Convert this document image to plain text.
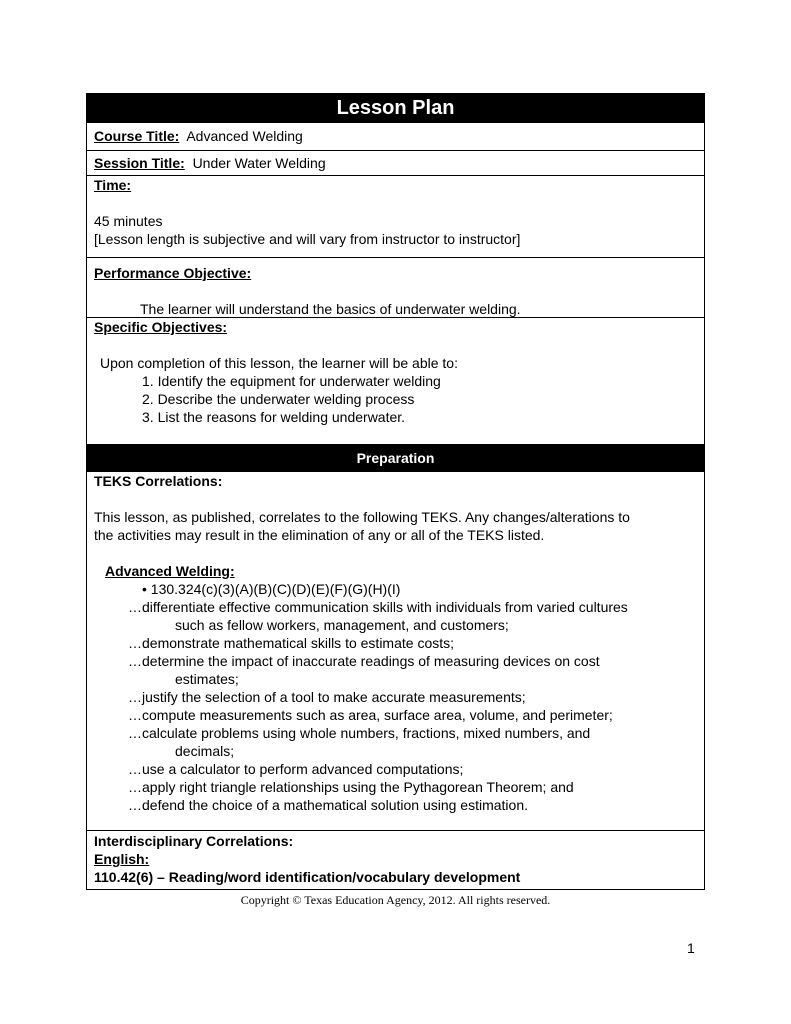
Lesson Plan
Course Title: Advanced Welding
Session Title: Under Water Welding

Time:

45 minutes

[Lesson length is subjective and will vary from instructor to instructor]

Performance Objective:

The learner will understand the basics of underwater welding.

Specific Objectives:

Upon completion of this lesson, the learner will be able to:

1. Identify the equipment for underwater welding

2. Describe the underwater welding process

3. List the reasons for welding underwater.

Preparation

TEKS Correlations:

This lesson, as published, correlates to the following TEKS. Any changes/alterations to

the activities may result in the elimination of any or all of the TEKS listed.

Advanced Welding:

• 130.324(c)(3)(A)(B)(C)(D)(E)(F)(G)(H)(I)

…differentiate effective communication skills with individuals from varied cultures

such as fellow workers, management, and customers;

…demonstrate mathematical skills to estimate costs;

…determine the impact of inaccurate readings of measuring devices on cost

estimates;

…justify the selection of a tool to make accurate measurements;

…compute measurements such as area, surface area, volume, and perimeter;

…calculate problems using whole numbers, fractions, mixed numbers, and

decimals;

…use a calculator to perform advanced computations;

…apply right triangle relationships using the Pythagorean Theorem; and

…defend the choice of a mathematical solution using estimation.

Interdisciplinary Correlations:

English:

110.42(6) – Reading/word identification/vocabulary development

Copyright © Texas Education Agency, 2012. All rights reserved.
1
